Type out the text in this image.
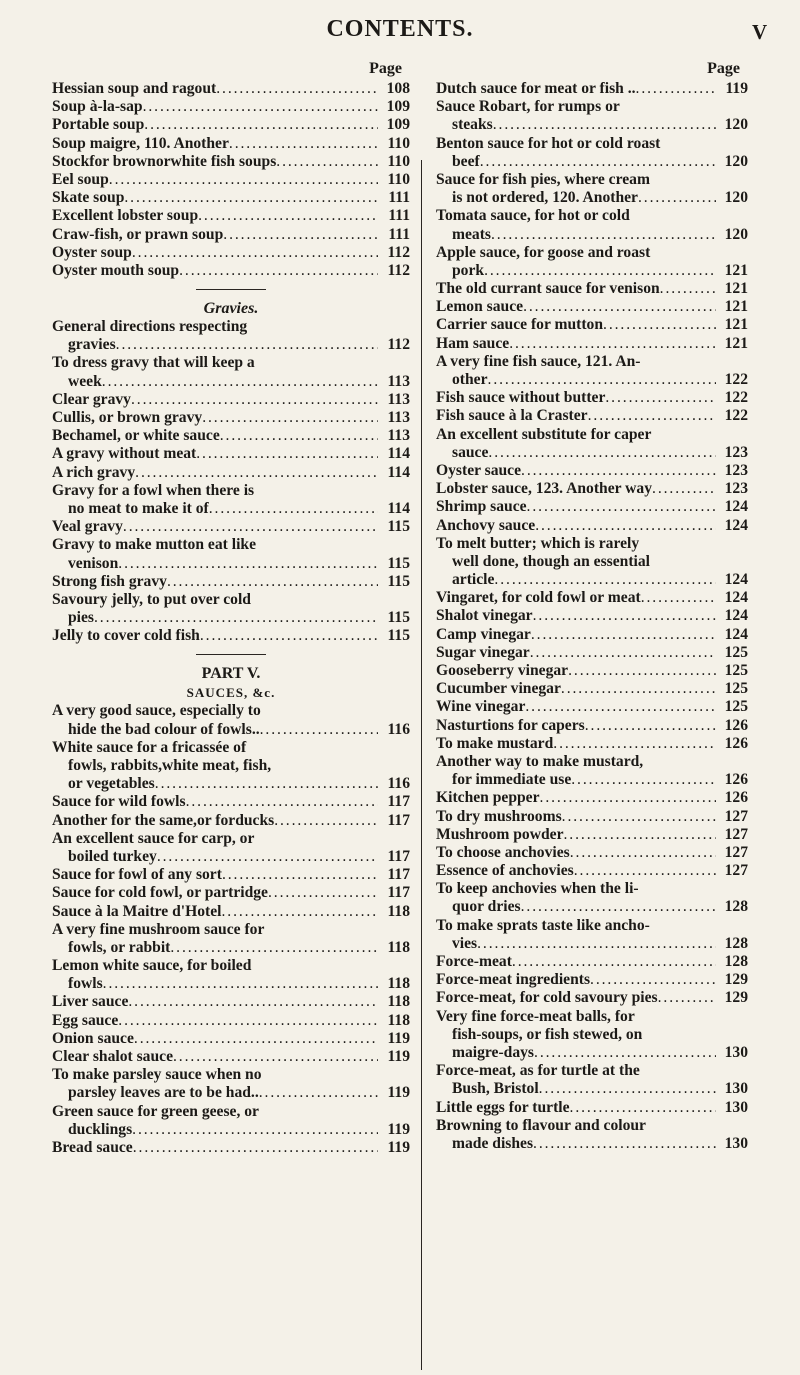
CONTENTS.	V
Page
Hessian soup and ragout . . .	108
Soup à-la-sap . . .	109
Portable soup . . .	109
Soup maigre, 110. Another . . .	110
Stockfor brownorwhite fish soups . . .	110
Eel soup . . .	110
Skate soup . . .	111
Excellent lobster soup . . .	111
Craw-fish, or prawn soup . . .	111
Oyster soup . . .	112
Oyster mouth soup . . .	112
Gravies.
General directions respecting
gravies . . .	112
To dress gravy that will keep a
week . . .	113
Clear gravy . . .	113
Cullis, or brown gravy . . .	113
Bechamel, or white sauce . . .	113
A gravy without meat . . .	114
A rich gravy . . .	114
Gravy for a fowl when there is
no meat to make it of . . .	114
Veal gravy . . .	115
Gravy to make mutton eat like
venison . . .	115
Strong fish gravy . . .	115
Savoury jelly, to put over cold
pies . . .	115
Jelly to cover cold fish . . .	115
PART V.
SAUCES, &c.
A very good sauce, especially to
hide the bad colour of fowls.. . . .	116
White sauce for a fricassée of
fowls, rabbits,white meat, fish,
or vegetables . . .	116
Sauce for wild fowls . . .	117
Another for the same,or forducks . . .	117
An excellent sauce for carp, or
boiled turkey . . .	117
Sauce for fowl of any sort . . .	117
Sauce for cold fowl, or partridge . . .	117
Sauce à la Maitre d'Hotel . . .	118
A very fine mushroom sauce for
fowls, or rabbit . . .	118
Lemon white sauce, for boiled
fowls . . .	118
Liver sauce . . .	118
Egg sauce . . .	118
Onion sauce . . .	119
Clear shalot sauce . . .	119
To make parsley sauce when no
parsley leaves are to be had.. . . .	119
Green sauce for green geese, or
ducklings . . .	119
Bread sauce . . .	119
Page
Dutch sauce for meat or fish .. . . .	119
Sauce Robart, for rumps or
steaks . . .	120
Benton sauce for hot or cold roast
beef . . .	120
Sauce for fish pies, where cream
is not ordered, 120. Another . . .	120
Tomata sauce, for hot or cold
meats . . .	120
Apple sauce, for goose and roast
pork . . .	121
The old currant sauce for venison . . .	121
Lemon sauce . . .	121
Carrier sauce for mutton . . .	121
Ham sauce . . .	121
A very fine fish sauce, 121. An-
other . . .	122
Fish sauce without butter . . .	122
Fish sauce à la Craster . . .	122
An excellent substitute for caper
sauce . . .	123
Oyster sauce . . .	123
Lobster sauce, 123. Another way . . .	123
Shrimp sauce . . .	124
Anchovy sauce . . .	124
To melt butter; which is rarely
well done, though an essential
article . . .	124
Vingaret, for cold fowl or meat . . .	124
Shalot vinegar . . .	124
Camp vinegar . . .	124
Sugar vinegar . . .	125
Gooseberry vinegar . . .	125
Cucumber vinegar . . .	125
Wine vinegar . . .	125
Nasturtions for capers . . .	126
To make mustard . . .	126
Another way to make mustard,
for immediate use . . .	126
Kitchen pepper . . .	126
To dry mushrooms . . .	127
Mushroom powder . . .	127
To choose anchovies . . .	127
Essence of anchovies . . .	127
To keep anchovies when the li-
quor dries . . .	128
To make sprats taste like ancho-
vies . . .	128
Force-meat . . .	128
Force-meat ingredients . . .	129
Force-meat, for cold savoury pies . . .	129
Very fine force-meat balls, for
fish-soups, or fish stewed, on
maigre-days . . .	130
Force-meat, as for turtle at the
Bush, Bristol . . .	130
Little eggs for turtle . . .	130
Browning to flavour and colour
made dishes . . .	130
